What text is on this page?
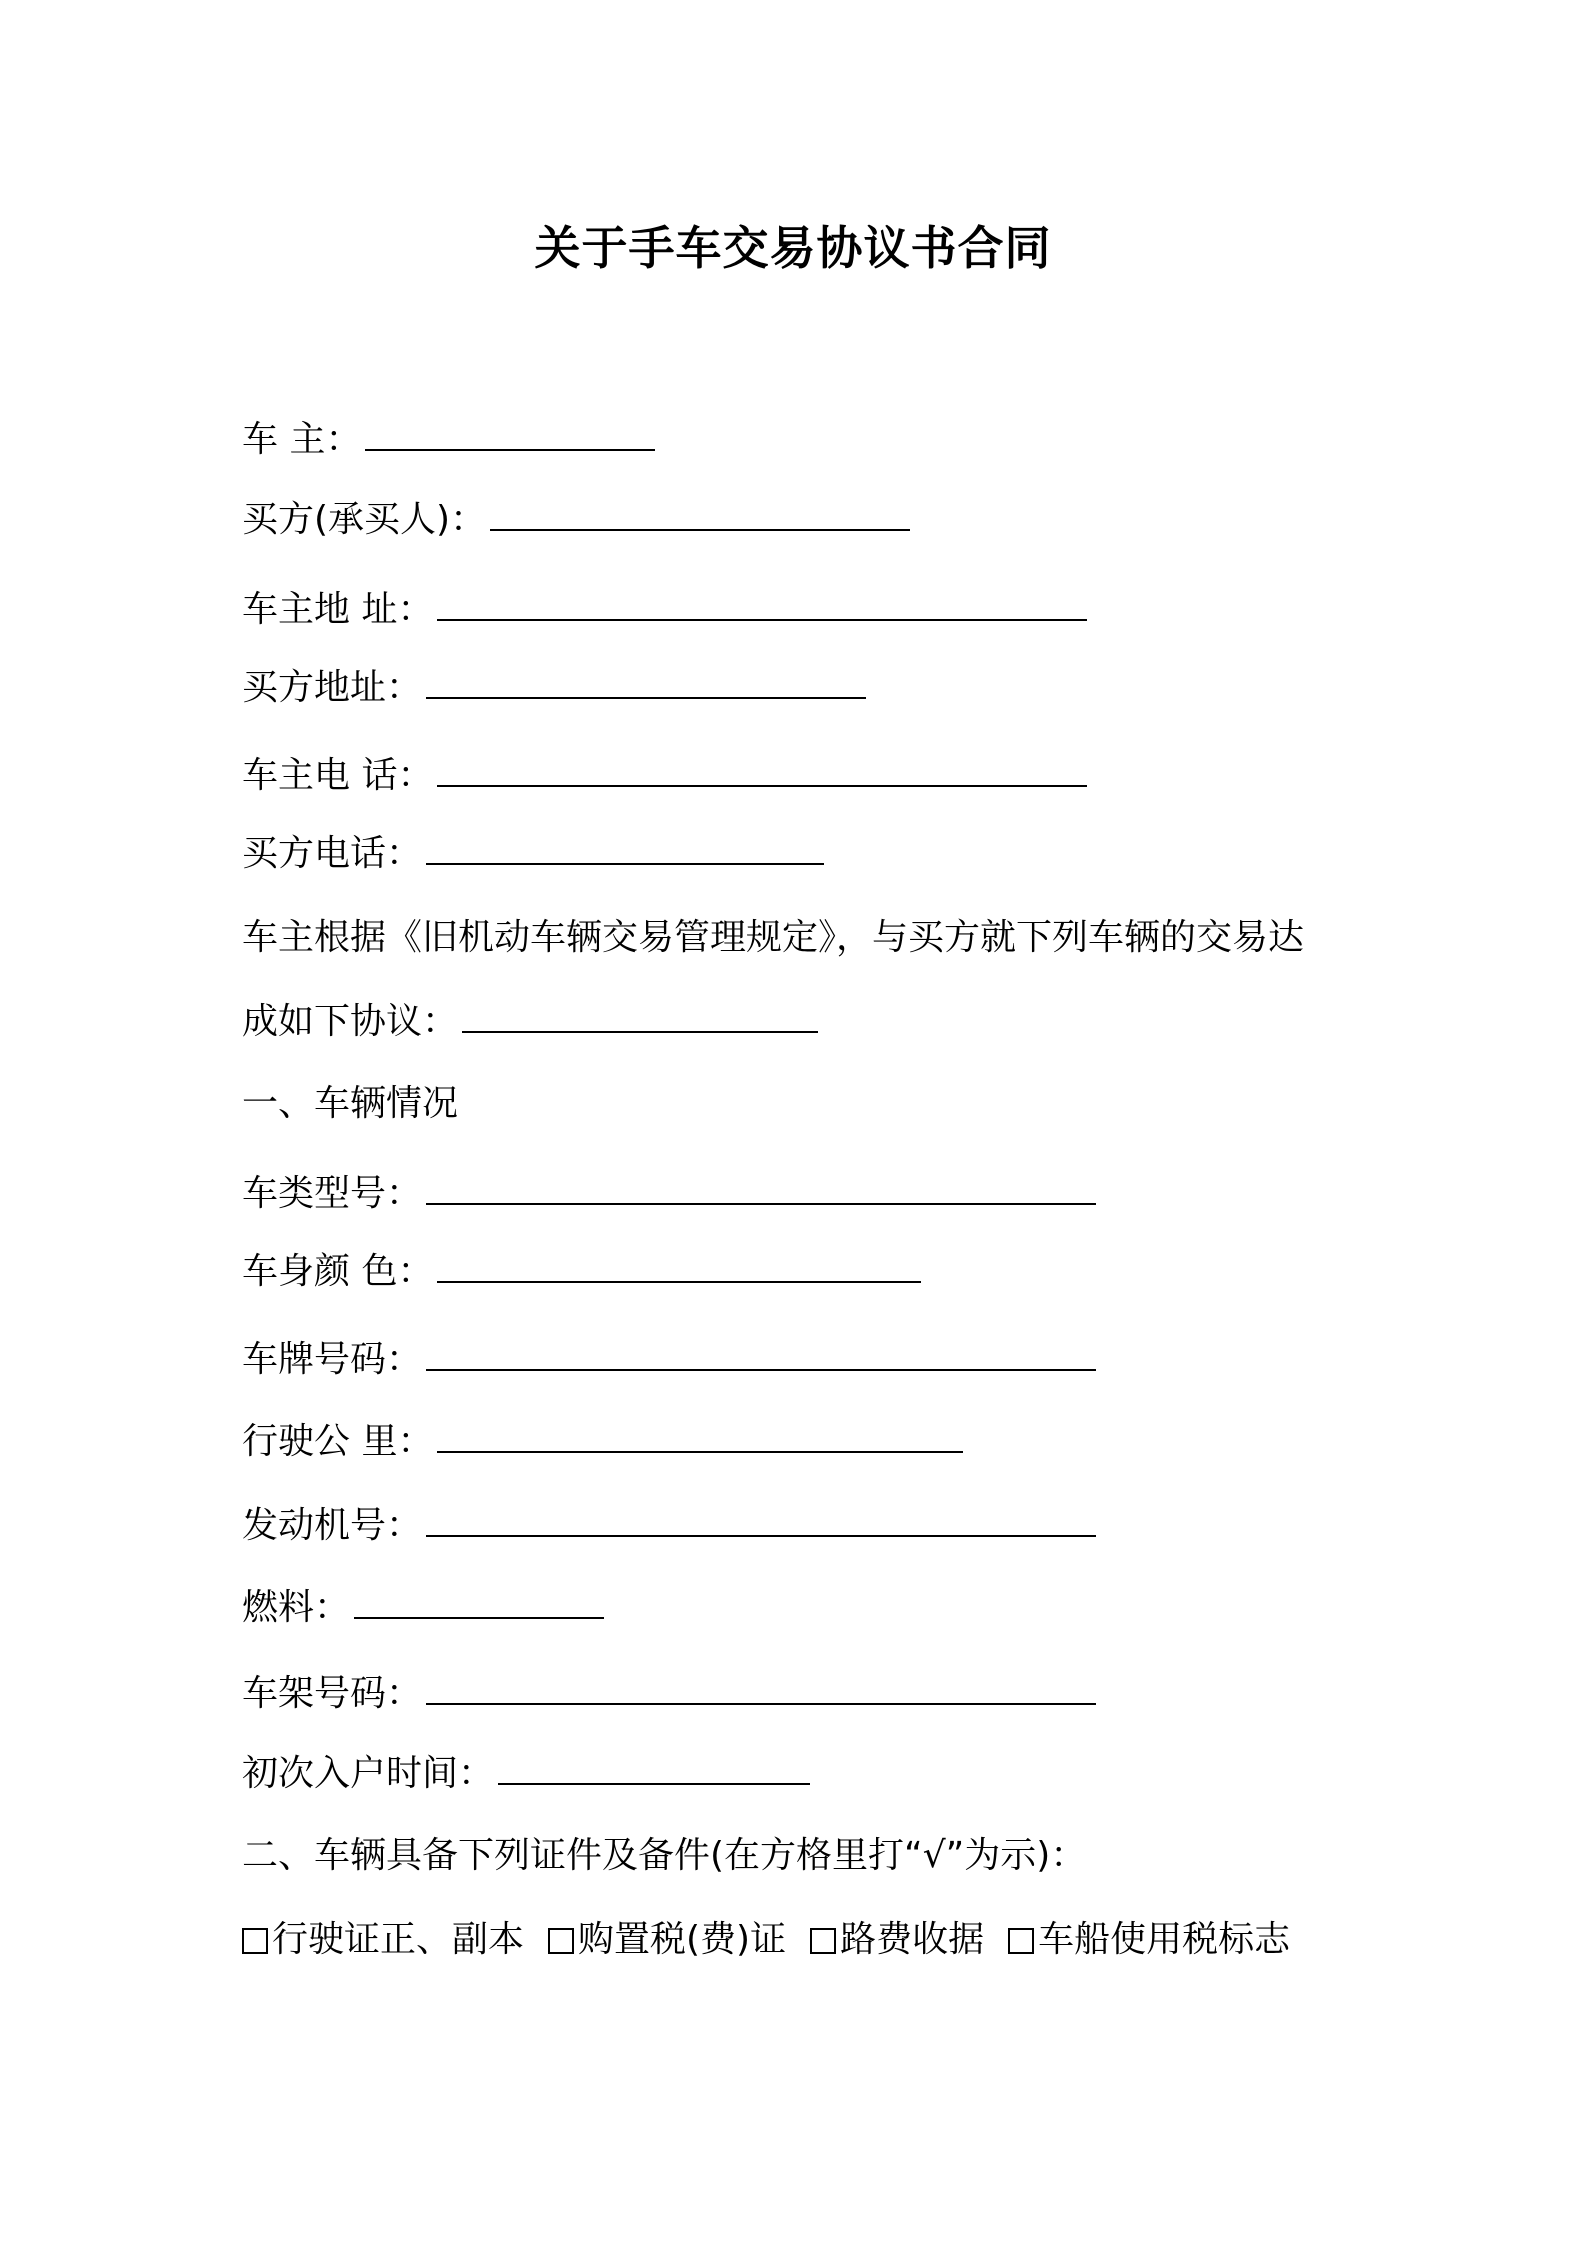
关于手车交易协议书合同
车 主：
买方(承买人)：
车主地 址：
买方地址：
车主电 话：
买方电话：
车主根据《旧机动车辆交易管理规定》，与买方就下列车辆的交易达
成如下协议：
一、车辆情况
车类型号：
车身颜 色：
车牌号码：
行驶公 里：
发动机号：
燃料：
车架号码：
初次入户时间：
二、车辆具备下列证件及备件(在方格里打“√”为示)：
行驶证正、副本 购置税(费)证 路费收据 车船使用税标志
